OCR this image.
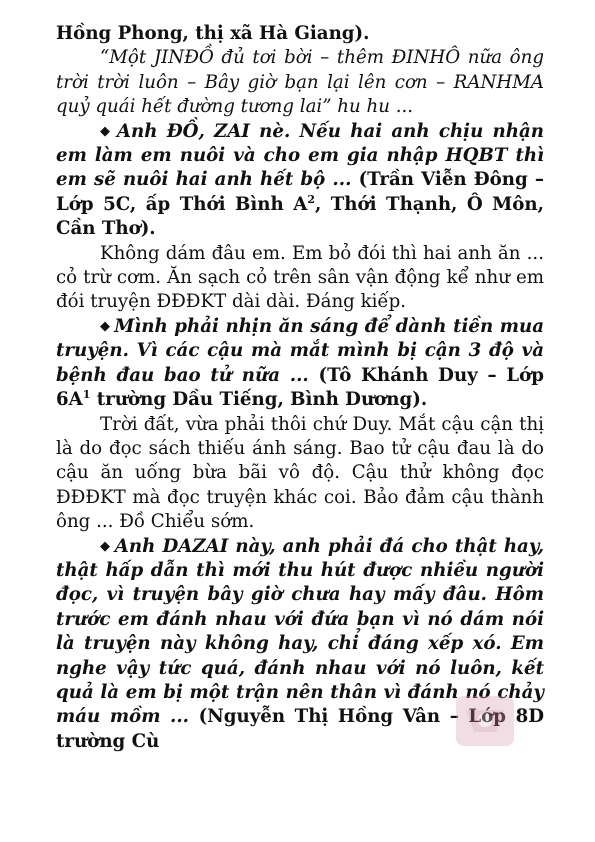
Hồng Phong, thị xã Hà Giang).

“Một JINĐỒ đủ tơi bời – thêm ĐINHÔ nữa ông trời trời luôn – Bây giờ bạn lại lên cơn – RANHMA quỷ quái hết đường tương lai” hu hu ...

◆ Anh ĐỒ, ZAI nè. Nếu hai anh chịu nhận em làm em nuôi và cho em gia nhập HQBT thì em sẽ nuôi hai anh hết bộ ... (Trần Viễn Đông – Lớp 5C, ấp Thới Bình $A^2$, Thới Thạnh, Ô Môn, Cần Thơ).

Không dám đâu em. Em bỏ đói thì hai anh ăn ... cỏ trừ cơm. Ăn sạch cỏ trên sân vận động kể như em đói truyện ĐĐĐKT dài dài. Đáng kiếp.

◆ Mình phải nhịn ăn sáng để dành tiền mua truyện. Vì các cậu mà mắt mình bị cận 3 độ và bệnh đau bao tử nữa ... (Tô Khánh Duy – Lớp $6A^1$ trường Dầu Tiếng, Bình Dương).

Trời đất, vừa phải thôi chứ Duy. Mắt cậu cận thị là do đọc sách thiếu ánh sáng. Bao tử cậu đau là do cậu ăn uống bừa bãi vô độ. Cậu thử không đọc ĐĐĐKT mà đọc truyện khác coi. Bảo đảm cậu thành ông ... Đồ Chiểu sớm.

◆ Anh DAZAI này, anh phải đá cho thật hay, thật hấp dẫn thì mới thu hút được nhiều người đọc, vì truyện bây giờ chưa hay mấy đâu. Hôm trước em đánh nhau với đứa bạn vì nó dám nói là truyện này không hay, chỉ đáng xếp xó. Em nghe vậy tức quá, đánh nhau với nó luôn, kết quả là em bị một trận nên thân vì đánh nó chảy máu mồm ... (Nguyễn Thị Hồng Vân – Lớp 8D trường Cù
